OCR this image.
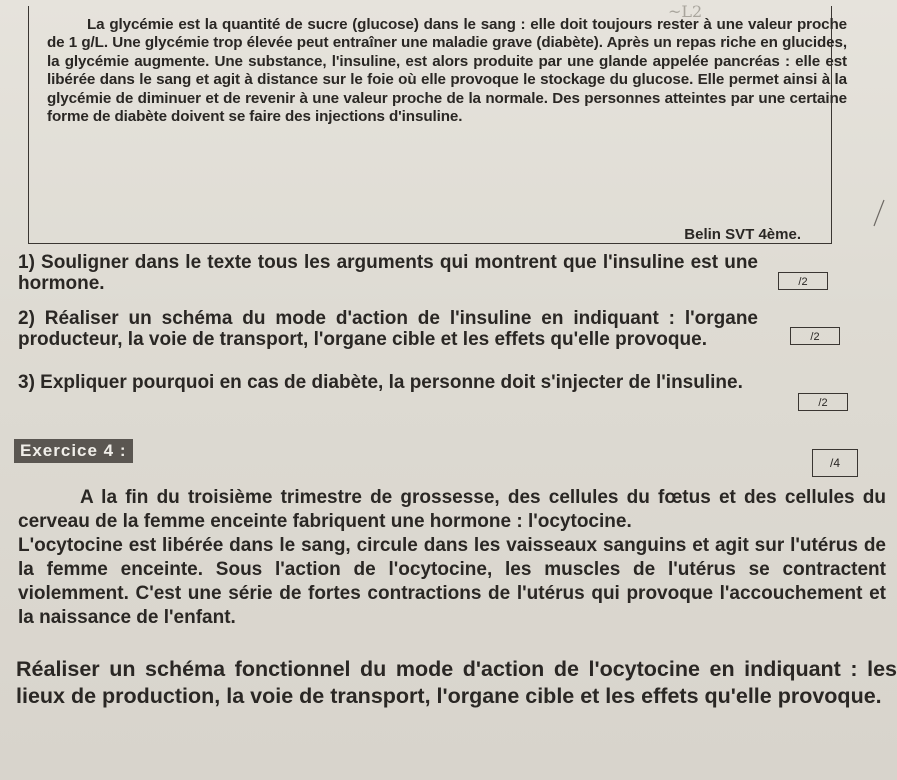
~L2

La glycémie est la quantité de sucre (glucose) dans le sang : elle doit toujours rester à une valeur proche de 1 g/L. Une glycémie trop élevée peut entraîner une maladie grave (diabète). Après un repas riche en glucides, la glycémie augmente. Une substance, l'insuline, est alors produite par une glande appelée pancréas : elle est libérée dans le sang et agit à distance sur le foie où elle provoque le stockage du glucose. Elle permet ainsi à la glycémie de diminuer et de revenir à une valeur proche de la normale. Des personnes atteintes par une certaine forme de diabète doivent se faire des injections d'insuline.

Belin SVT 4ème.
1) Souligner dans le texte tous les arguments qui montrent que l'insuline est une hormone.	/2
2) Réaliser un schéma du mode d'action de l'insuline en indiquant : l'organe producteur, la voie de transport, l'organe cible et les effets qu'elle provoque.	/2
3) Expliquer pourquoi en cas de diabète, la personne doit s'injecter de l'insuline.
/2
Exercice 4 :
/4

A la fin du troisième trimestre de grossesse, des cellules du fœtus et des cellules du cerveau de la femme enceinte fabriquent une hormone : l'ocytocine.

L'ocytocine est libérée dans le sang, circule dans les vaisseaux sanguins et agit sur l'utérus de la femme enceinte. Sous l'action de l'ocytocine, les muscles de l'utérus se contractent violemment. C'est une série de fortes contractions de l'utérus qui provoque l'accouchement et la naissance de l'enfant.

Réaliser un schéma fonctionnel du mode d'action de l'ocytocine en indiquant : les lieux de production, la voie de transport, l'organe cible et les effets qu'elle provoque.
